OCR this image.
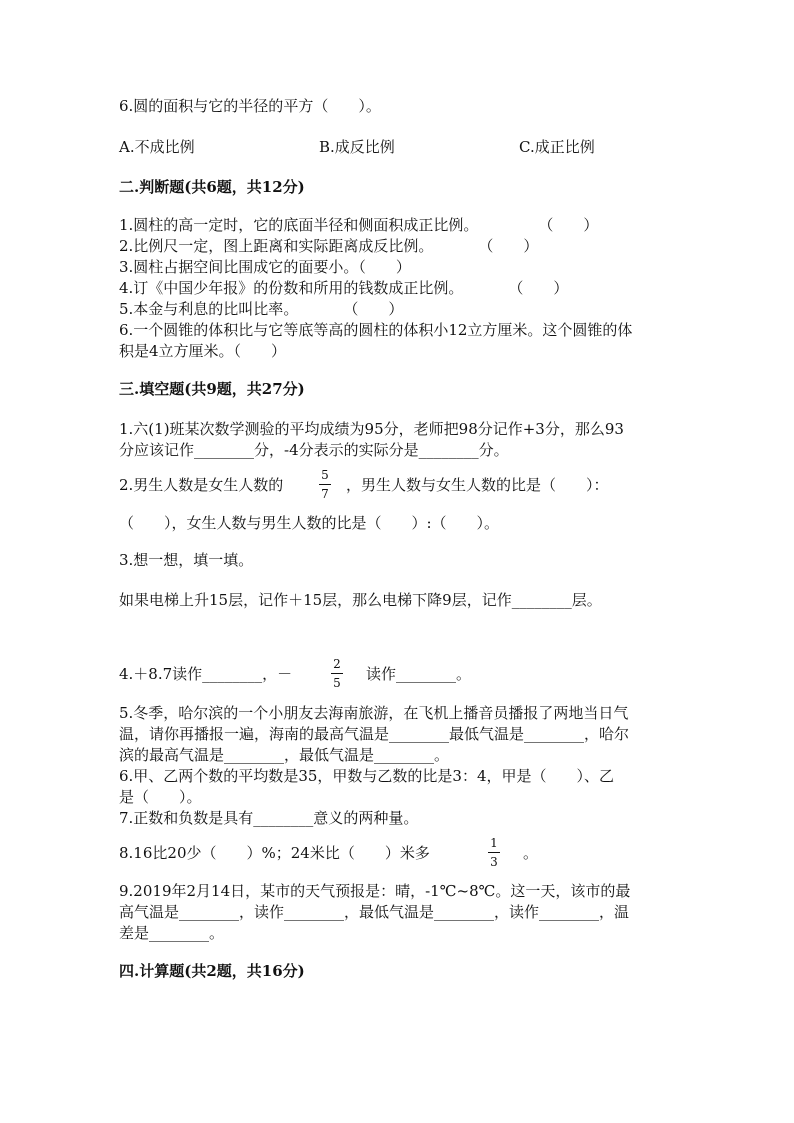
6.圆的面积与它的半径的平方（　　）。
A.不成比例	B.成反比例	C.成正比例
二.判断题(共6题，共12分)
1.圆柱的高一定时，它的底面半径和侧面积成正比例。　　　　　（　　）
2.比例尺一定，图上距离和实际距离成反比例。　　　　（　　）
3.圆柱占据空间比围成它的面要小。（　　）
4.订《中国少年报》的份数和所用的钱数成正比例。　　　　（　　）
5.本金与利息的比叫比率。　　　　（　　）
6.一个圆锥的体积比与它等底等高的圆柱的体积小12立方厘米。这个圆锥的体
积是4立方厘米。（　　）
三.填空题(共9题，共27分)
1.六(1)班某次数学测验的平均成绩为95分，老师把98分记作+3分，那么93
分应该记作________分，-4分表示的实际分是________分。
2.男生人数是女生人数的
5
7 ，男生人数与女生人数的比是（　　）：
（　　），女生人数与男生人数的比是（　　）:（　　）。
3.想一想，填一填。
如果电梯上升15层，记作＋15层，那么电梯下降9层，记作________层。
4.＋8.7读作________，－
2
5 读作________。
5.冬季，哈尔滨的一个小朋友去海南旅游，在飞机上播音员播报了两地当日气
温，请你再播报一遍，海南的最高气温是________最低气温是________，哈尔
滨的最高气温是________，最低气温是________。
6.甲、乙两个数的平均数是35，甲数与乙数的比是3：4，甲是（　　）、乙
是（　　）。
7.正数和负数是具有________意义的两种量。
8.16比20少（　　）%；24米比（　　）米多
1
3 。
9.2019年2月14日，某市的天气预报是：晴，-1℃~8℃。这一天，该市的最
高气温是________，读作________，最低气温是________，读作________，温
差是________。
四.计算题(共2题，共16分)
